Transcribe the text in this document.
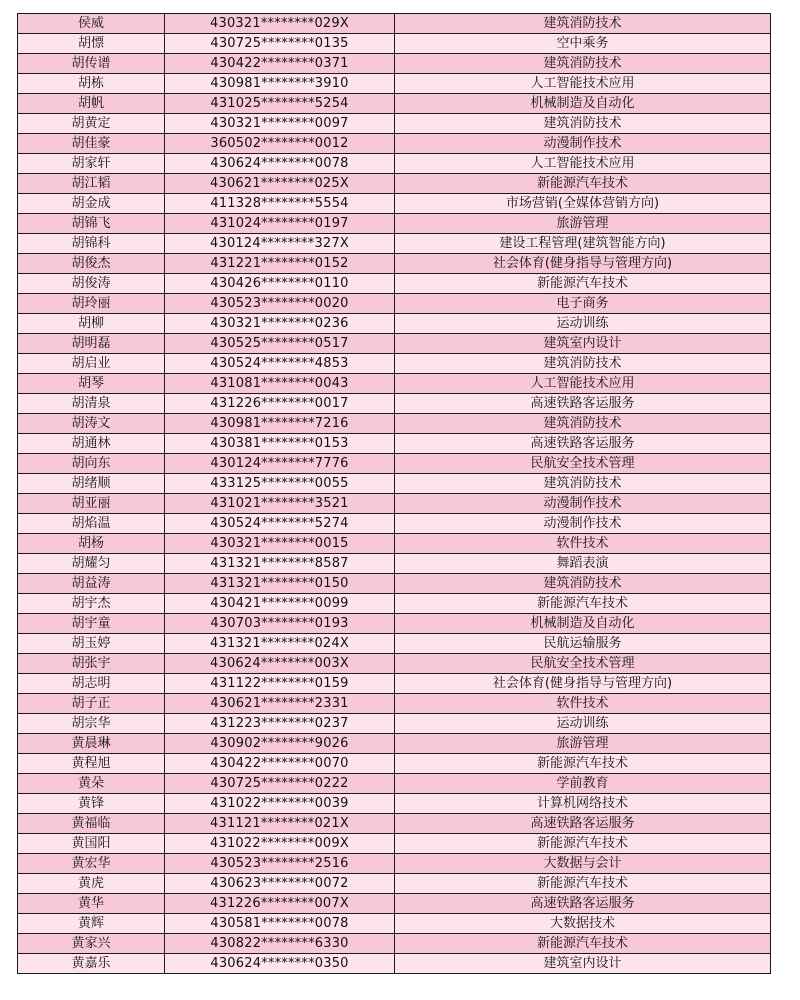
侯威	430321********029X	建筑消防技术
胡慓	430725********0135	空中乘务
胡传谱	430422********0371	建筑消防技术
胡栋	430981********3910	人工智能技术应用
胡帆	431025********5254	机械制造及自动化
胡黄定	430321********0097	建筑消防技术
胡佳豪	360502********0012	动漫制作技术
胡家轩	430624********0078	人工智能技术应用
胡江韬	430621********025X	新能源汽车技术
胡金成	411328********5554	市场营销(全媒体营销方向)
胡锦飞	431024********0197	旅游管理
胡锦科	430124********327X	建设工程管理(建筑智能方向)
胡俊杰	431221********0152	社会体育(健身指导与管理方向)
胡俊涛	430426********0110	新能源汽车技术
胡玲丽	430523********0020	电子商务
胡柳	430321********0236	运动训练
胡明磊	430525********0517	建筑室内设计
胡启业	430524********4853	建筑消防技术
胡琴	431081********0043	人工智能技术应用
胡清泉	431226********0017	高速铁路客运服务
胡涛文	430981********7216	建筑消防技术
胡通林	430381********0153	高速铁路客运服务
胡向东	430124********7776	民航安全技术管理
胡绪顺	433125********0055	建筑消防技术
胡亚丽	431021********3521	动漫制作技术
胡焰温	430524********5274	动漫制作技术
胡杨	430321********0015	软件技术
胡耀匀	431321********8587	舞蹈表演
胡益涛	431321********0150	建筑消防技术
胡宇杰	430421********0099	新能源汽车技术
胡宇童	430703********0193	机械制造及自动化
胡玉婷	431321********024X	民航运输服务
胡张宇	430624********003X	民航安全技术管理
胡志明	431122********0159	社会体育(健身指导与管理方向)
胡子正	430621********2331	软件技术
胡宗华	431223********0237	运动训练
黄晨琳	430902********9026	旅游管理
黄程旭	430422********0070	新能源汽车技术
黄朵	430725********0222	学前教育
黄锋	431022********0039	计算机网络技术
黄福临	431121********021X	高速铁路客运服务
黄国阳	431022********009X	新能源汽车技术
黄宏华	430523********2516	大数据与会计
黄虎	430623********0072	新能源汽车技术
黄华	431226********007X	高速铁路客运服务
黄辉	430581********0078	大数据技术
黄家兴	430822********6330	新能源汽车技术
黄嘉乐	430624********0350	建筑室内设计
